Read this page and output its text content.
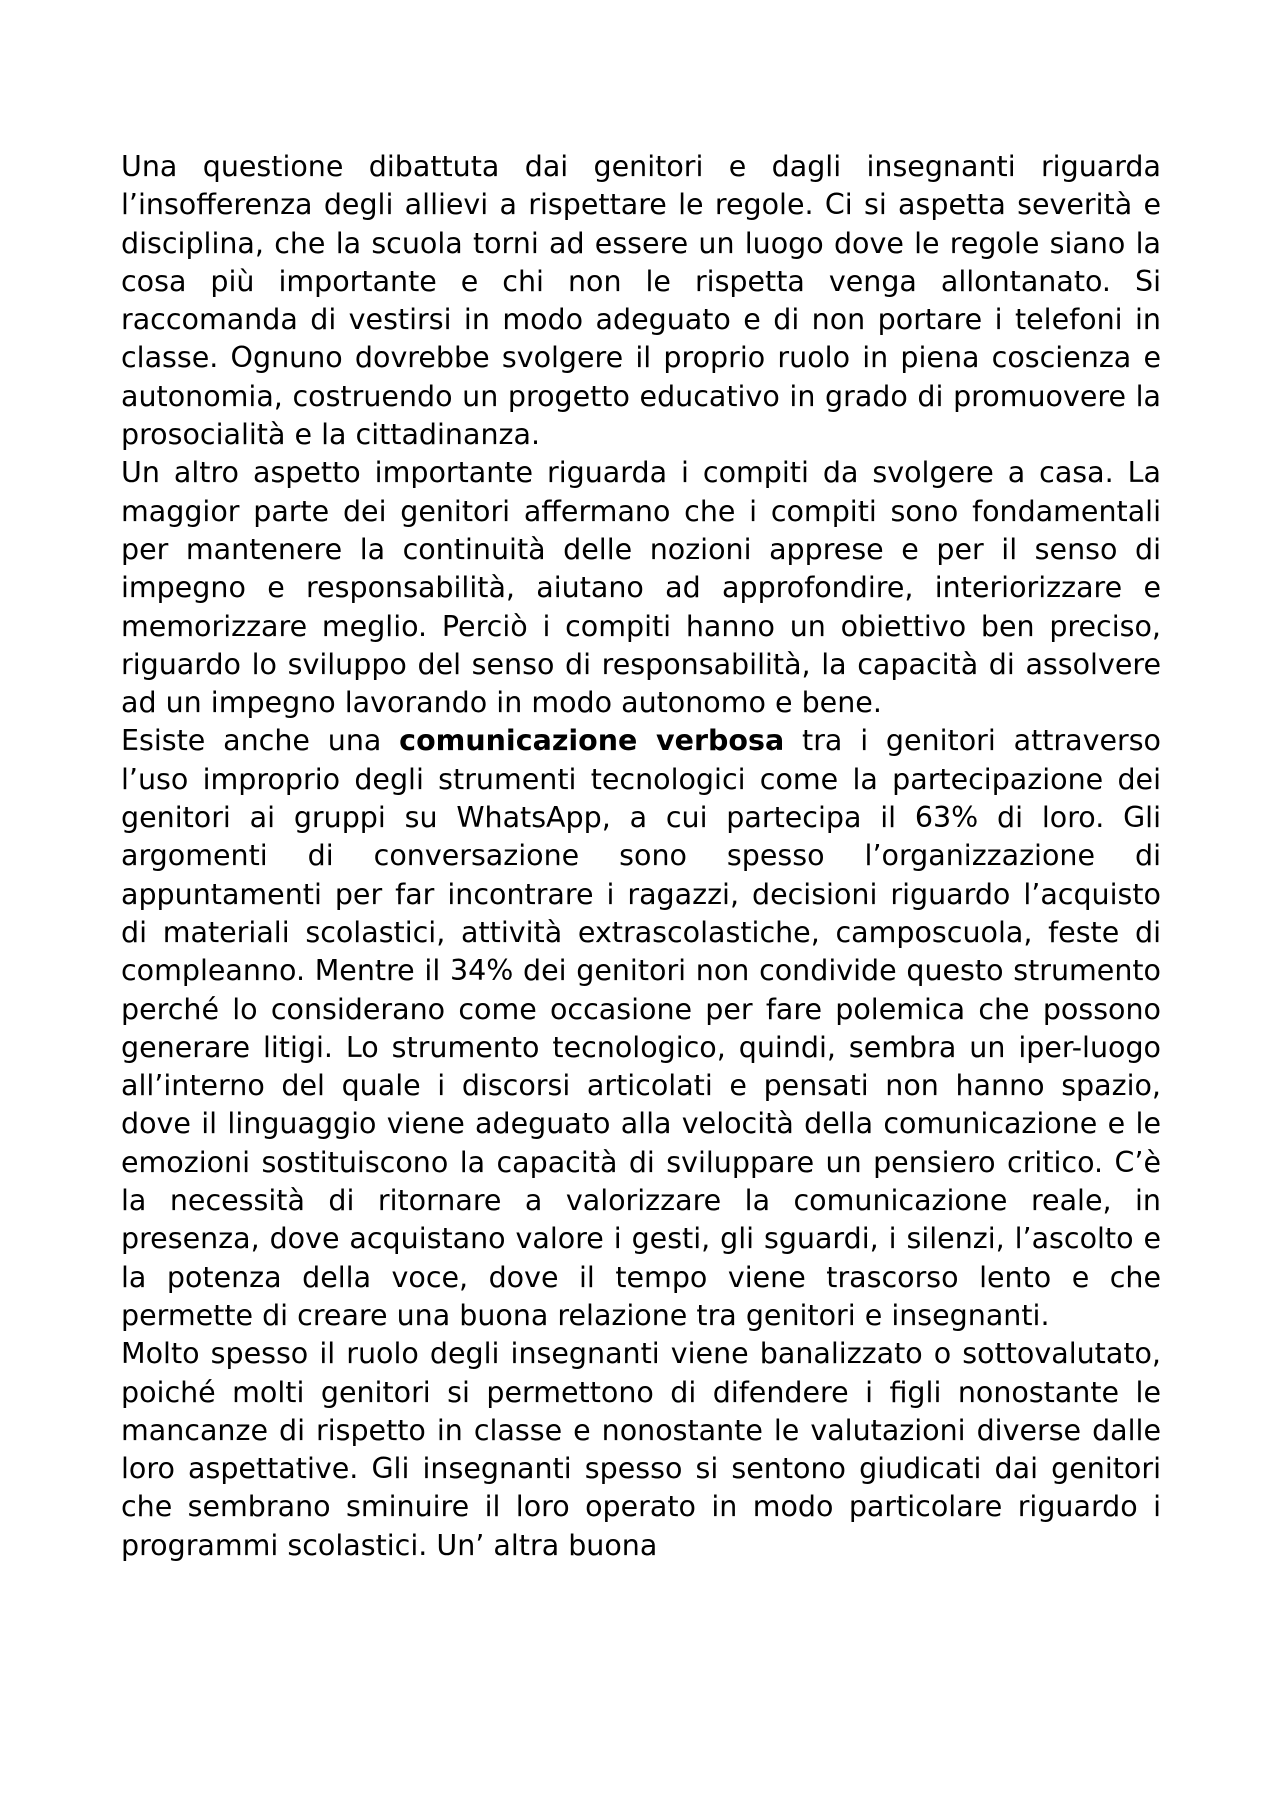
Una questione dibattuta dai genitori e dagli insegnanti riguarda l’insofferenza degli allievi a rispettare le regole. Ci si aspetta severità e disciplina, che la scuola torni ad essere un luogo dove le regole siano la cosa più importante e chi non le rispetta venga allontanato. Si raccomanda di vestirsi in modo adeguato e di non portare i telefoni in classe. Ognuno dovrebbe svolgere il proprio ruolo in piena coscienza e autonomia, costruendo un progetto educativo in grado di promuovere la prosocialità e la cittadinanza.

Un altro aspetto importante riguarda i compiti da svolgere a casa. La maggior parte dei genitori affermano che i compiti sono fondamentali per mantenere la continuità delle nozioni apprese e per il senso di impegno e responsabilità, aiutano ad approfondire, interiorizzare e memorizzare meglio. Perciò i compiti hanno un obiettivo ben preciso, riguardo lo sviluppo del senso di responsabilità, la capacità di assolvere ad un impegno lavorando in modo autonomo e bene.

Esiste anche una comunicazione verbosa tra i genitori attraverso l’uso improprio degli strumenti tecnologici come la partecipazione dei genitori ai gruppi su WhatsApp, a cui partecipa il 63% di loro. Gli argomenti di conversazione sono spesso l’organizzazione di appuntamenti per far incontrare i ragazzi, decisioni riguardo l’acquisto di materiali scolastici, attività extrascolastiche, camposcuola, feste di compleanno. Mentre il 34% dei genitori non condivide questo strumento perché lo considerano come occasione per fare polemica che possono generare litigi. Lo strumento tecnologico, quindi, sembra un iper-luogo all’interno del quale i discorsi articolati e pensati non hanno spazio, dove il linguaggio viene adeguato alla velocità della comunicazione e le emozioni sostituiscono la capacità di sviluppare un pensiero critico. C’è la necessità di ritornare a valorizzare la comunicazione reale, in presenza, dove acquistano valore i gesti, gli sguardi, i silenzi, l’ascolto e la potenza della voce, dove il tempo viene trascorso lento e che permette di creare una buona relazione tra genitori e insegnanti.

Molto spesso il ruolo degli insegnanti viene banalizzato o sottovalutato, poiché molti genitori si permettono di difendere i figli nonostante le mancanze di rispetto in classe e nonostante le valutazioni diverse dalle loro aspettative. Gli insegnanti spesso si sentono giudicati dai genitori che sembrano sminuire il loro operato in modo particolare riguardo i programmi scolastici. Un’ altra buona
